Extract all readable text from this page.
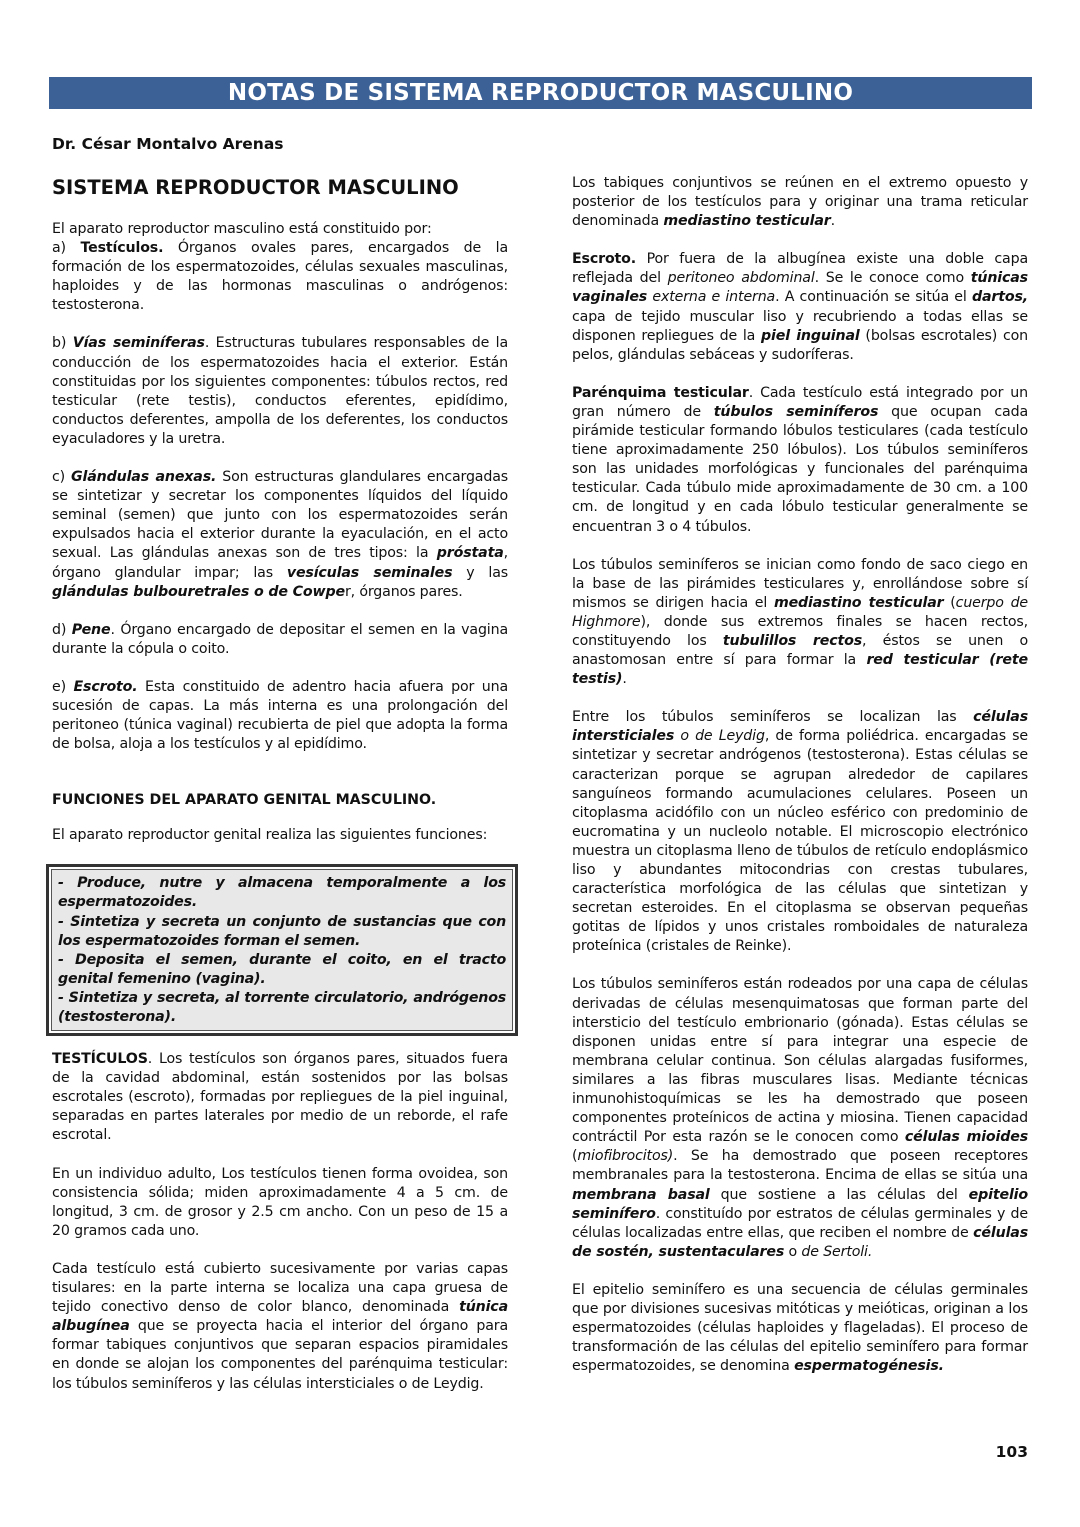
NOTAS DE SISTEMA REPRODUCTOR MASCULINO
Dr. César Montalvo Arenas
SISTEMA REPRODUCTOR MASCULINO

El aparato reproductor masculino está constituido por:
a) Testículos. Órganos ovales pares, encargados de la formación de los espermatozoides, células sexuales masculinas, haploides y de las hormonas masculinas o andrógenos: testosterona.

b) Vías seminíferas. Estructuras tubulares responsables de la conducción de los espermatozoides hacia el exterior. Están constituidas por los siguientes componentes: túbulos rectos, red testicular (rete testis), conductos eferentes, epidídimo, conductos deferentes, ampolla de los deferentes, los conductos eyaculadores y la uretra.

c) Glándulas anexas. Son estructuras glandulares encargadas se sintetizar y secretar los componentes líquidos del líquido seminal (semen) que junto con los espermatozoides serán expulsados hacia el exterior durante la eyaculación, en el acto sexual. Las glándulas anexas son de tres tipos: la próstata, órgano glandular impar; las vesículas seminales y las glándulas bulbouretrales o de Cowper, órganos pares.

d) Pene. Órgano encargado de depositar el semen en la vagina durante la cópula o coito.

e) Escroto. Esta constituido de adentro hacia afuera por una sucesión de capas. La más interna es una prolongación del peritoneo (túnica vaginal) recubierta de piel que adopta la forma de bolsa, aloja a los testículos y al epidídimo.

FUNCIONES DEL APARATO GENITAL MASCULINO.

El aparato reproductor genital realiza las siguientes funciones:

- Produce, nutre y almacena temporalmente a los espermatozoides.
- Sintetiza y secreta un conjunto de sustancias que con los espermatozoides forman el semen.
- Deposita el semen, durante el coito, en el tracto genital femenino (vagina).
- Sintetiza y secreta, al torrente circulatorio, andrógenos (testosterona).

TESTÍCULOS. Los testículos son órganos pares, situados fuera de la cavidad abdominal, están sostenidos por las bolsas escrotales (escroto), formadas por repliegues de la piel inguinal, separadas en partes laterales por medio de un reborde, el rafe escrotal.

En un individuo adulto, Los testículos tienen forma ovoidea, son consistencia sólida; miden aproximadamente 4 a 5 cm. de longitud, 3 cm. de grosor y 2.5 cm ancho. Con un peso de 15 a 20 gramos cada uno.

Cada testículo está cubierto sucesivamente por varias capas tisulares: en la parte interna se localiza una capa gruesa de tejido conectivo denso de color blanco, denominada túnica albugínea que se proyecta hacia el interior del órgano para formar tabiques conjuntivos que separan espacios piramidales en donde se alojan los componentes del parénquima testicular: los túbulos seminíferos y las células intersticiales o de Leydig.

Los tabiques conjuntivos se reúnen en el extremo opuesto y posterior de los testículos para y originar una trama reticular denominada mediastino testicular.

Escroto. Por fuera de la albugínea existe una doble capa reflejada del peritoneo abdominal. Se le conoce como túnicas vaginales externa e interna. A continuación se sitúa el dartos, capa de tejido muscular liso y recubriendo a todas ellas se disponen repliegues de la piel inguinal (bolsas escrotales) con pelos, glándulas sebáceas y sudoríferas.

Parénquima testicular. Cada testículo está integrado por un gran número de túbulos seminíferos que ocupan cada pirámide testicular formando lóbulos testiculares (cada testículo tiene aproximadamente 250 lóbulos). Los túbulos seminíferos son las unidades morfológicas y funcionales del parénquima testicular. Cada túbulo mide aproximadamente de 30 cm. a 100 cm. de longitud y en cada lóbulo testicular generalmente se encuentran 3 o 4 túbulos.

Los túbulos seminíferos se inician como fondo de saco ciego en la base de las pirámides testiculares y, enrollándose sobre sí mismos se dirigen hacia el mediastino testicular (cuerpo de Highmore), donde sus extremos finales se hacen rectos, constituyendo los tubulillos rectos, éstos se unen o anastomosan entre sí para formar la red testicular (rete testis).

Entre los túbulos seminíferos se localizan las células intersticiales o de Leydig, de forma poliédrica. encargadas se sintetizar y secretar andrógenos (testosterona). Estas células se caracterizan porque se agrupan alrededor de capilares sanguíneos formando acumulaciones celulares. Poseen un citoplasma acidófilo con un núcleo esférico con predominio de eucromatina y un nucleolo notable. El microscopio electrónico muestra un citoplasma lleno de túbulos de retículo endoplásmico liso y abundantes mitocondrias con crestas tubulares, característica morfológica de las células que sintetizan y secretan esteroides. En el citoplasma se observan pequeñas gotitas de lípidos y unos cristales romboidales de naturaleza proteínica (cristales de Reinke).

Los túbulos seminíferos están rodeados por una capa de células derivadas de células mesenquimatosas que forman parte del intersticio del testículo embrionario (gónada). Estas células se disponen unidas entre sí para integrar una especie de membrana celular continua. Son células alargadas fusiformes, similares a las fibras musculares lisas. Mediante técnicas inmunohistoquímicas se les ha demostrado que poseen componentes proteínicos de actina y miosina. Tienen capacidad contráctil Por esta razón se le conocen como células mioides (miofibrocitos). Se ha demostrado que poseen receptores membranales para la testosterona. Encima de ellas se sitúa una membrana basal que sostiene a las células del epitelio seminífero. constituído por estratos de células germinales y de células localizadas entre ellas, que reciben el nombre de células de sostén, sustentaculares o de Sertoli.

El epitelio seminífero es una secuencia de células germinales que por divisiones sucesivas mitóticas y meióticas, originan a los espermatozoides (células haploides y flageladas). El proceso de transformación de las células del epitelio seminífero para formar espermatozoides, se denomina espermatogénesis.

103
